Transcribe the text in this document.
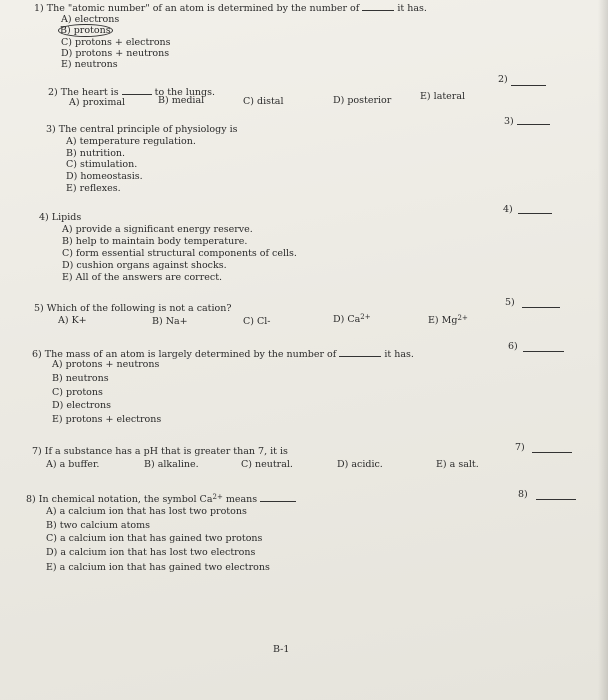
1) The "atomic number" of an atom is determined by the number of	it has.
A) electrons
B) protons
C) protons + electrons
D) protons + neutrons
E) neutrons
2)
2) The heart is	to the lungs.
A) proximal	B) medial	C) distal	D) posterior	E) lateral
3)
3) The central principle of physiology is
A) temperature regulation.
B) nutrition.
C) stimulation.
D) homeostasis.
E) reflexes.
4)
4) Lipids
A) provide a significant energy reserve.
B) help to maintain body temperature.
C) form essential structural components of cells.
D) cushion organs against shocks.
E) All of the answers are correct.
5)
5) Which of the following is not a cation?
A) K+	B) Na+	C) Cl-	D) $Ca^{2+}$	E) $Mg^{2+}$
6)
6) The mass of an atom is largely determined by the number of	it has.
A) protons + neutrons
B) neutrons
C) protons
D) electrons
E) protons + electrons
7)
7) If a substance has a pH that is greater than 7, it is
A) a buffer.	B) alkaline.	C) neutral.	D) acidic.	E) a salt.
8)
8) In chemical notation, the symbol $Ca^{2+}$ means
A) a calcium ion that has lost two protons
B) two calcium atoms
C) a calcium ion that has gained two protons
D) a calcium ion that has lost two electrons
E) a calcium ion that has gained two electrons
B-1
